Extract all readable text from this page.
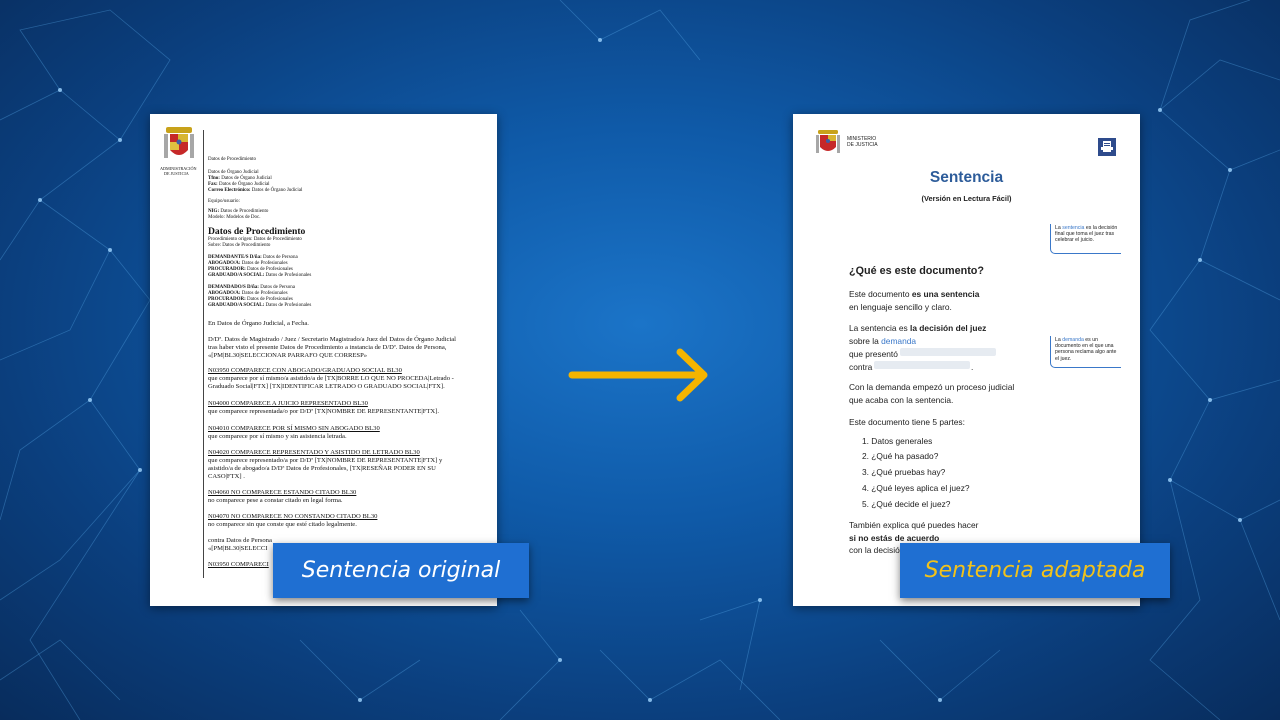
ADMINISTRACIÓN
DE JUSTICIA
Datos de Procedimiento
Datos de Órgano Judicial
Tfno: Datos de Órgano Judicial
Fax: Datos de Órgano Judicial
Correo Electrónico: Datos de Órgano Judicial
Equipo/usuario:
NIG: Datos de Procedimiento
Modelo: Modelos de Doc.
Datos de Procedimiento
Procedimiento origen: Datos de Procedimiento
Sobre: Datos de Procedimiento
DEMANDANTE/S D/ña: Datos de Persona
ABOGADO/A: Datos de Profesionales
PROCURADOR: Datos de Profesionales
GRADUADO/A SOCIAL: Datos de Profesionales
DEMANDADO/S D/ña: Datos de Persona
ABOGADO/A: Datos de Profesionales
PROCURADOR: Datos de Profesionales
GRADUADO/A SOCIAL: Datos de Profesionales
En Datos de Órgano Judicial, a Fecha.
D/Dª. Datos de Magistrado / Juez / Secretario Magistrado/a Juez del Datos de Órgano Judicial
tras haber visto el presente Datos de Procedimiento a instancia de D/Dª. Datos de Persona,
«[PM|BL30|SELECCIONAR PARRAFO QUE CORRESP»
N03950 COMPARECE CON ABOGADO/GRADUADO SOCIAL BL30
que comparece por sí mismo/a asistido/a de [TX|BORRE LO QUE NO PROCEDA|Letrado -
Graduado Social|FTX] [TX|IDENTIFICAR LETRADO O GRADUADO SOCIAL|FTX].
N04000 COMPARECE A JUICIO REPRESENTADO BL30
que comparece representada/o por D/Dª [TX|NOMBRE DE REPRESENTANTE|FTX].
N04010 COMPARECE POR SÍ MISMO SIN ABOGADO BL30
que comparece por sí mismo y sin asistencia letrada.
N04020 COMPARECE REPRESENTADO Y ASISTIDO DE LETRADO BL30
que comparece representado/a por D/Dª [TX|NOMBRE DE REPRESENTANTE|FTX] y
asistido/a de abogado/a D/Dª Datos de Profesionales, [TX|RESEÑAR PODER EN SU
CASO|FTX] .
N04060 NO COMPARECE ESTANDO CITADO BL30
no comparece pese a constar citado en legal forma.
N04070 NO COMPARECE NO CONSTANDO CITADO BL30
no comparece sin que conste que esté citado legalmente.
contra Datos de Persona
«[PM|BL30|SELECCI
N03950 COMPARECI
MINISTERIO
DE JUSTICIA
Sentencia
(Versión en Lectura Fácil)
La sentencia es la decisión final que toma el juez tras celebrar el juicio.
¿Qué es este documento?
Este documento es una sentencia
en lenguaje sencillo y claro.
La sentencia es la decisión del juez
sobre la demanda
que presentó
contra	.
La demanda es un documento en el que una persona reclama algo ante el juez.
Con la demanda empezó un proceso judicial
que acaba con la sentencia.
Este documento tiene 5 partes:
1. Datos generales
2. ¿Qué ha pasado?
3. ¿Qué pruebas hay?
4. ¿Qué leyes aplica el juez?
5. ¿Qué decide el juez?
También explica qué puedes hacer
si no estás de acuerdo
con la decisió
Sentencia original	Sentencia adaptada
